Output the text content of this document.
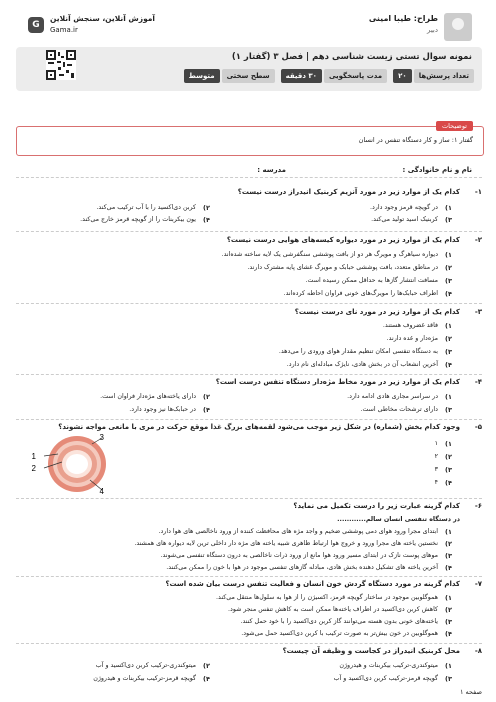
طراح: طیبا امینی
دبیر
آموزش آنلاین، سنجش آنلاین
Gama.ir
G
نمونه سوال تستی زیست شناسی دهم | فصل ۳ (گفتار ۱)
تعداد پرسش‌ها
۲۰
مدت پاسخگویی
۳۰ دقیقه
سطح سختی
متوسط
توضیحات
گفتار ۱: ساز و کار دستگاه تنفس در انسان
نام و نام خانوادگی :
مدرسه :
۱-
کدام یک از موارد زیر در مورد آنزیم کربنیک انیدراز درست نیست؟
۱)
در گویچه قرمز وجود دارد.
۲)
کربن دی‌اکسید را با آب ترکیب می‌کند.
۳)
کربنیک اسید تولید می‌کند.
۴)
یون بیکربنات را از گویچه قرمز خارج می‌کند.
۲-
کدام یک از موارد زیر در مورد دیواره کیسه‌های هوایی درست نیست؟
۱)
دیواره سیاهرگ و مویرگ هر دو از بافت پوششی سنگفرشی یک لایه ساخته شده‌اند.
۲)
در مناطق متعدد، بافت پوششی حبابک و مویرگ غشای پایه مشترک دارند.
۳)
مسافت انتشار گازها به حداقل ممکن رسیده است.
۴)
اطراف حبابک‌ها را مویرگ‌های خونی فراوان احاطه کرده‌اند.
۳-
کدام یک از موارد زیر در مورد نای درست نیست؟
۱)
فاقد غضروف هستند.
۲)
مژه‌دار و غده دارند.
۳)
به دستگاه تنفسی امکان تنظیم مقدار هوای ورودی را می‌دهد.
۴)
آخرین انشعاب آن در بخش هادی، نایژک مبادله‌ای نام دارد.
۴-
کدام یک از موارد زیر در مورد مخاط مژه‌دار دستگاه تنفس درست است؟
۱)
در سراسر مجاری هادی ادامه دارد.
۲)
دارای یاخته‌های مژه‌دار فراوان است.
۳)
دارای ترشحات مخاطی است.
۴)
در حبابک‌ها نیز وجود دارد.
۵-
وجود کدام بخش (شماره) در شکل زیر موجب می‌شود لقمه‌های بزرگ غذا موقع حرکت در مری با مانعی مواجه نشوند؟
۱)
۱
۲)
۲
۳)
۳
۴)
۴
1
2
3
4
۶-
کدام گزینه عبارت زیر را درست تکمیل می نماید؟
در دستگاه تنفسی انسان سالم............
۱)
ابتدای مجرا ورود هوای دمی پوششی ضخیم و واجد مژه های محافظت کننده از ورود ناخالصی های هوا دارد.
۲)
نخستین یاخته های مجرا ورود و خروج هوا ارتباط ظاهری شبیه یاخته های مژه دار داخلی ترین لایه دیواره های همشند.
۳)
موهای پوست نازک در ابتدای مسیر ورود هوا مانع از ورود ذرات ناخالصی به درون دستگاه تنفسی می‌شوند.
۴)
آخرین یاخته های تشکیل دهنده بخش هادی، مبادله گازهای تنفسی موجود در هوا با خون را ممکن می‌کنند.
۷-
کدام گزینه در مورد دستگاه گردش خون انسان و فعالیت تنفس درست بیان شده است؟
۱)
هموگلوبین موجود در ساختار گویچه قرمز، اکسیژن را از هوا به سلول‌ها منتقل می‌کند.
۲)
کاهش کربن دی‌اکسید در اطراف یاخته‌ها ممکن است به کاهش تنفس منجر شود.
۳)
یاخته‌های خونی بدون هسته می‌توانند گاز کربن دی‌اکسید را با خود حمل کنند.
۴)
هموگلوبین در خون بیش‌تر به صورت ترکیب با کربن دی‌اکسید حمل می‌شود.
۸-
محل کربنیک انیدراز در کجاست و وظیفه آن چیست؟
۱)
میتوکندری-ترکیب بیکربنات و هیدروژن
۲)
میتوکندری-ترکیب کربن دی‌اکسید و آب
۳)
گویچه قرمز-ترکیب کربن دی‌اکسید و آب
۴)
گویچه قرمز-ترکیب بیکربنات و هیدروژن
صفحه ۱
